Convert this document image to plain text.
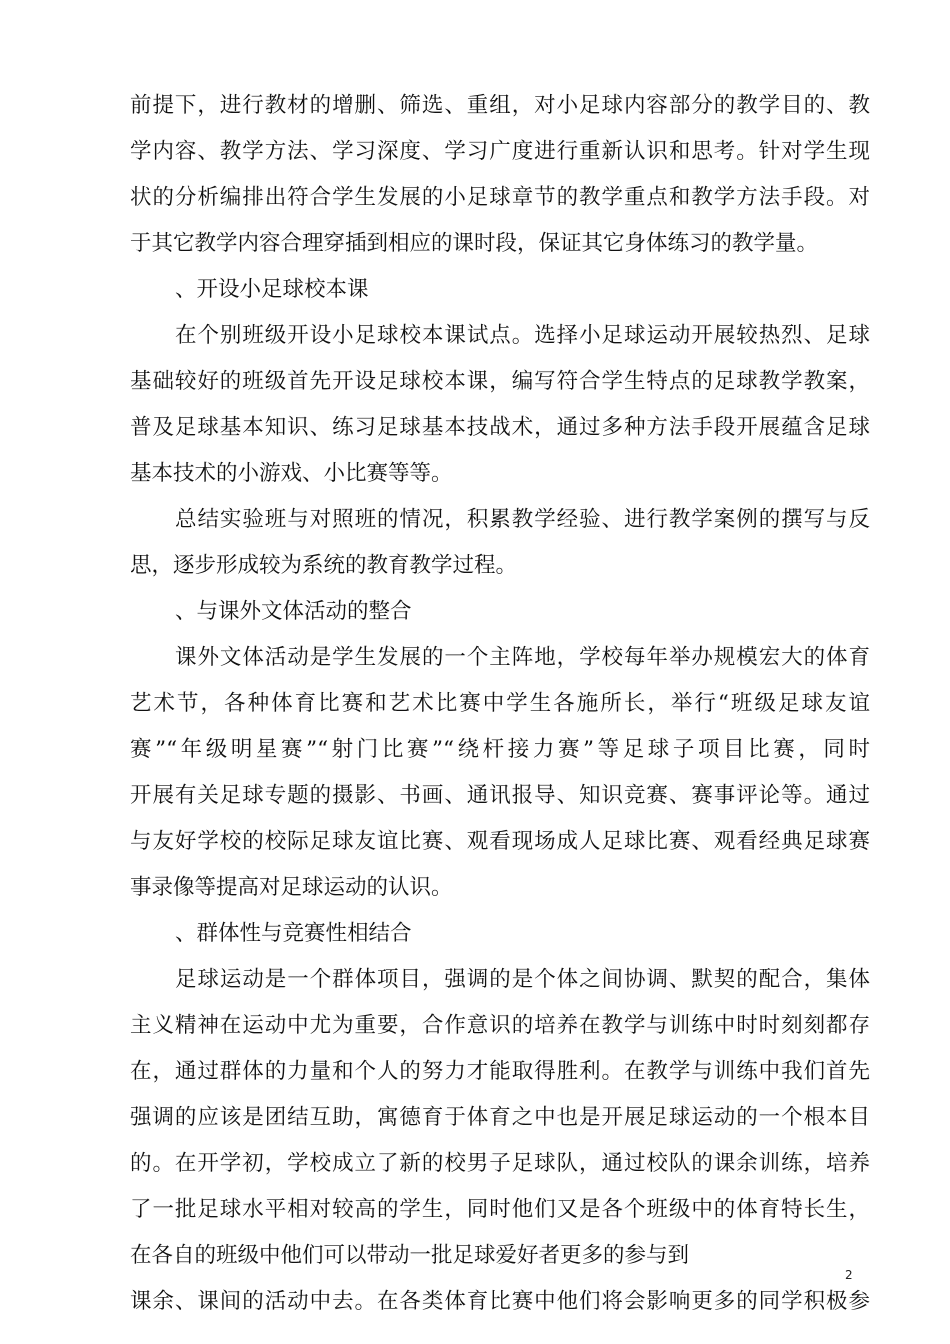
前提下，进行教材的增删、筛选、重组，对小足球内容部分的教学目的、教
学内容、教学方法、学习深度、学习广度进行重新认识和思考。针对学生现
状的分析编排出符合学生发展的小足球章节的教学重点和教学方法手段。对
于其它教学内容合理穿插到相应的课时段，保证其它身体练习的教学量。
、开设小足球校本课
在个别班级开设小足球校本课试点。选择小足球运动开展较热烈、足球
基础较好的班级首先开设足球校本课，编写符合学生特点的足球教学教案，
普及足球基本知识、练习足球基本技战术，通过多种方法手段开展蕴含足球
基本技术的小游戏、小比赛等等。
总结实验班与对照班的情况，积累教学经验、进行教学案例的撰写与反
思，逐步形成较为系统的教育教学过程。
、与课外文体活动的整合
课外文体活动是学生发展的一个主阵地，学校每年举办规模宏大的体育
艺术节，各种体育比赛和艺术比赛中学生各施所长，举行“班级足球友谊
赛”“年级明星赛”“射门比赛”“绕杆接力赛”等足球子项目比赛，同时
开展有关足球专题的摄影、书画、通讯报导、知识竞赛、赛事评论等。通过
与友好学校的校际足球友谊比赛、观看现场成人足球比赛、观看经典足球赛
事录像等提高对足球运动的认识。
、群体性与竞赛性相结合
足球运动是一个群体项目，强调的是个体之间协调、默契的配合，集体
主义精神在运动中尤为重要，合作意识的培养在教学与训练中时时刻刻都存
在，通过群体的力量和个人的努力才能取得胜利。在教学与训练中我们首先
强调的应该是团结互助，寓德育于体育之中也是开展足球运动的一个根本目
的。在开学初，学校成立了新的校男子足球队，通过校队的课余训练，培养
了一批足球水平相对较高的学生，同时他们又是各个班级中的体育特长生，
在各自的班级中他们可以带动一批足球爱好者更多的参与到
课余、课间的活动中去。在各类体育比赛中他们将会影响更多的同学积极参
2
